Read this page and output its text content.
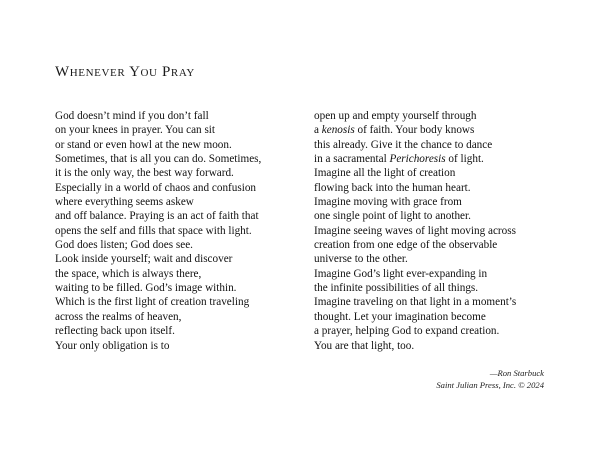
Whenever You Pray
God doesn’t mind if you don’t fall
on your knees in prayer. You can sit
or stand or even howl at the new moon.
Sometimes, that is all you can do. Sometimes,
it is the only way, the best way forward.
Especially in a world of chaos and confusion
where everything seems askew
and off balance. Praying is an act of faith that
opens the self and fills that space with light.
God does listen; God does see.
Look inside yourself; wait and discover
the space, which is always there,
waiting to be filled. God’s image within.
Which is the first light of creation traveling
across the realms of heaven,
reflecting back upon itself.
Your only obligation is to
open up and empty yourself through
a kenosis of faith. Your body knows
this already. Give it the chance to dance
in a sacramental Perichoresis of light.
Imagine all the light of creation
flowing back into the human heart.
Imagine moving with grace from
one single point of light to another.
Imagine seeing waves of light moving across
creation from one edge of the observable
universe to the other.
Imagine God’s light ever-expanding in
the infinite possibilities of all things.
Imagine traveling on that light in a moment’s
thought. Let your imagination become
a prayer, helping God to expand creation.
You are that light, too.
—Ron Starbuck
Saint Julian Press, Inc. © 2024
